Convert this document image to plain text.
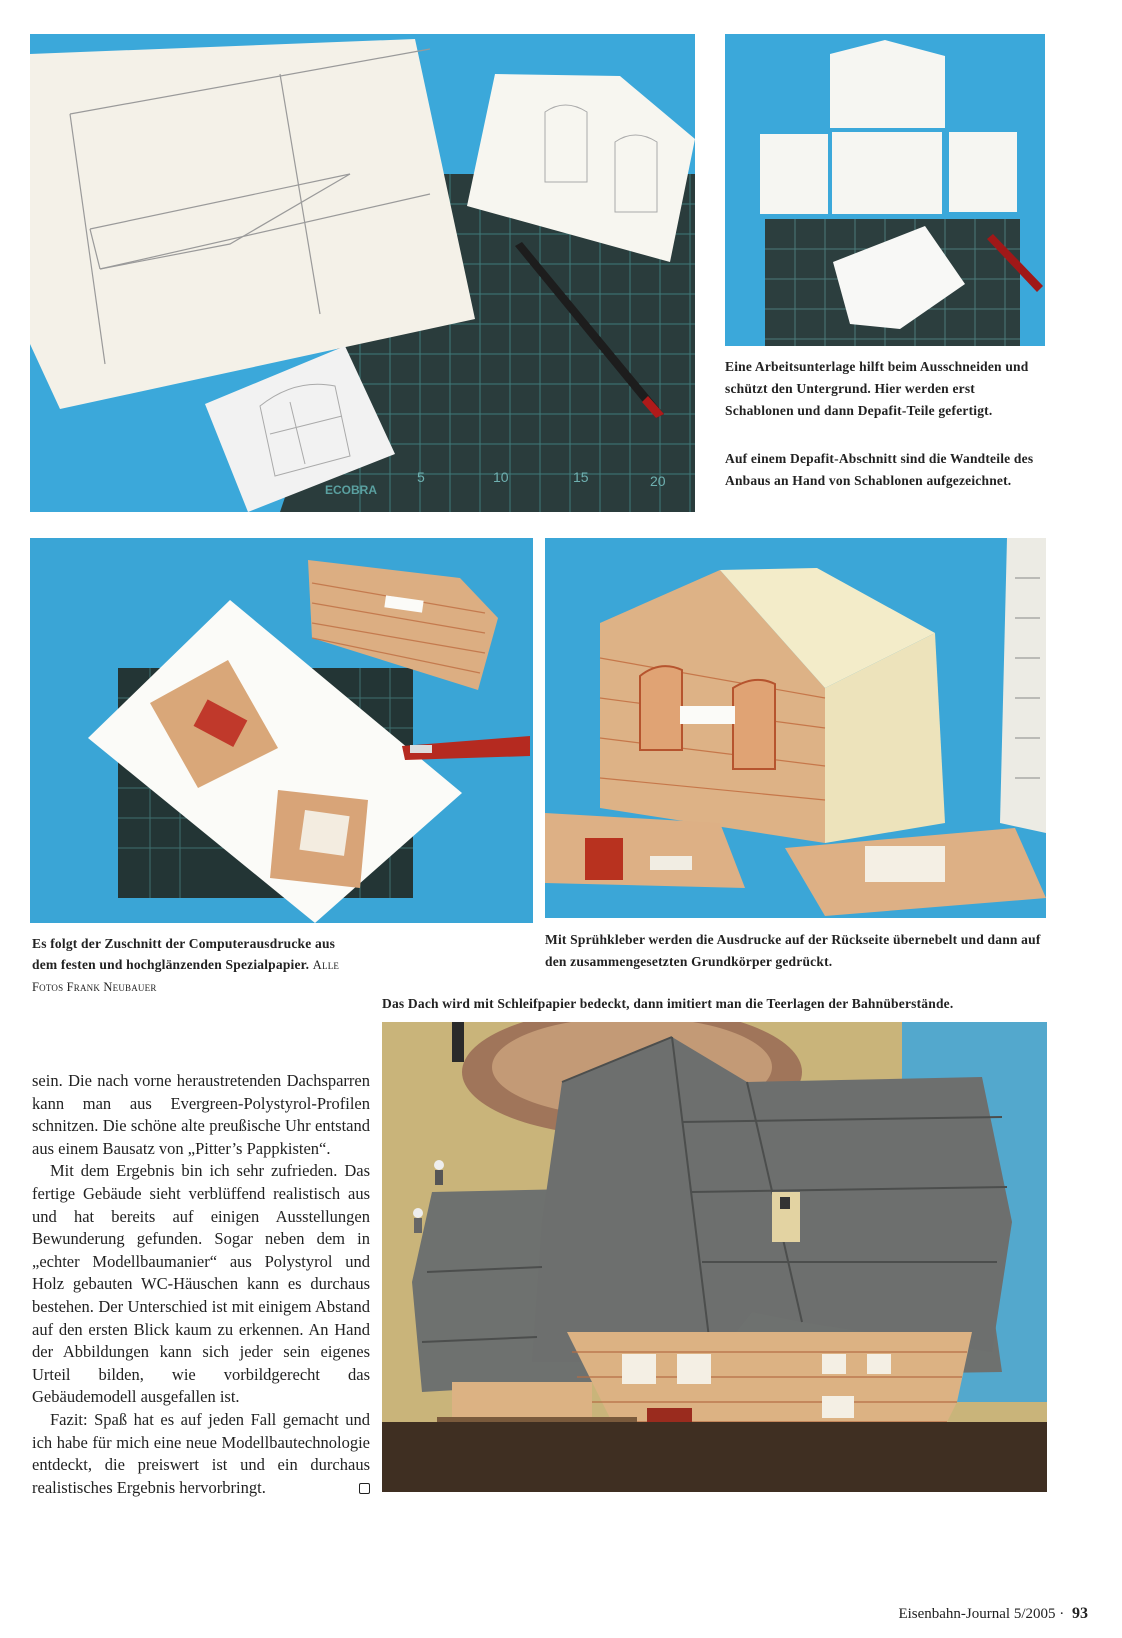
5	10	15	20
ECOBRA
Eine Arbeitsunterlage hilft beim Ausschneiden und schützt den Untergrund. Hier werden erst Schablonen und dann Depafit-Teile gefertigt.
Auf einem Depafit-Abschnitt sind die Wandteile des Anbaus an Hand von Schablonen aufgezeichnet.
Es folgt der Zuschnitt der Computerausdrucke aus dem festen und hochglänzenden Spezialpapier. Alle Fotos Frank Neubauer
Mit Sprühkleber werden die Ausdrucke auf der Rückseite übernebelt und dann auf den zusammengesetzten Grundkörper gedrückt.
Das Dach wird mit Schleifpapier bedeckt, dann imitiert man die Teerlagen der Bahnüberstände.

sein. Die nach vorne heraustretenden Dachsparren kann man aus Evergreen-Polystyrol-Profilen schnitzen. Die schöne alte preußische Uhr entstand aus einem Bausatz von „Pitter’s Pappkisten“.

Mit dem Ergebnis bin ich sehr zufrieden. Das fertige Gebäude sieht verblüffend realistisch aus und hat bereits auf einigen Ausstellungen Bewunderung gefunden. Sogar neben dem in „echter Modellbaumanier“ aus Polystyrol und Holz gebauten WC-Häuschen kann es durchaus bestehen. Der Unterschied ist mit einigem Abstand auf den ersten Blick kaum zu erkennen. An Hand der Abbildungen kann sich jeder sein eigenes Urteil bilden, wie vorbildgerecht das Gebäudemodell ausgefallen ist.

Fazit: Spaß hat es auf jeden Fall gemacht und ich habe für mich eine neue Modellbautechnologie entdeckt, die preiswert ist und ein durchaus realistisches Ergebnis hervorbringt.

Eisenbahn-Journal 5/2005 · 93
